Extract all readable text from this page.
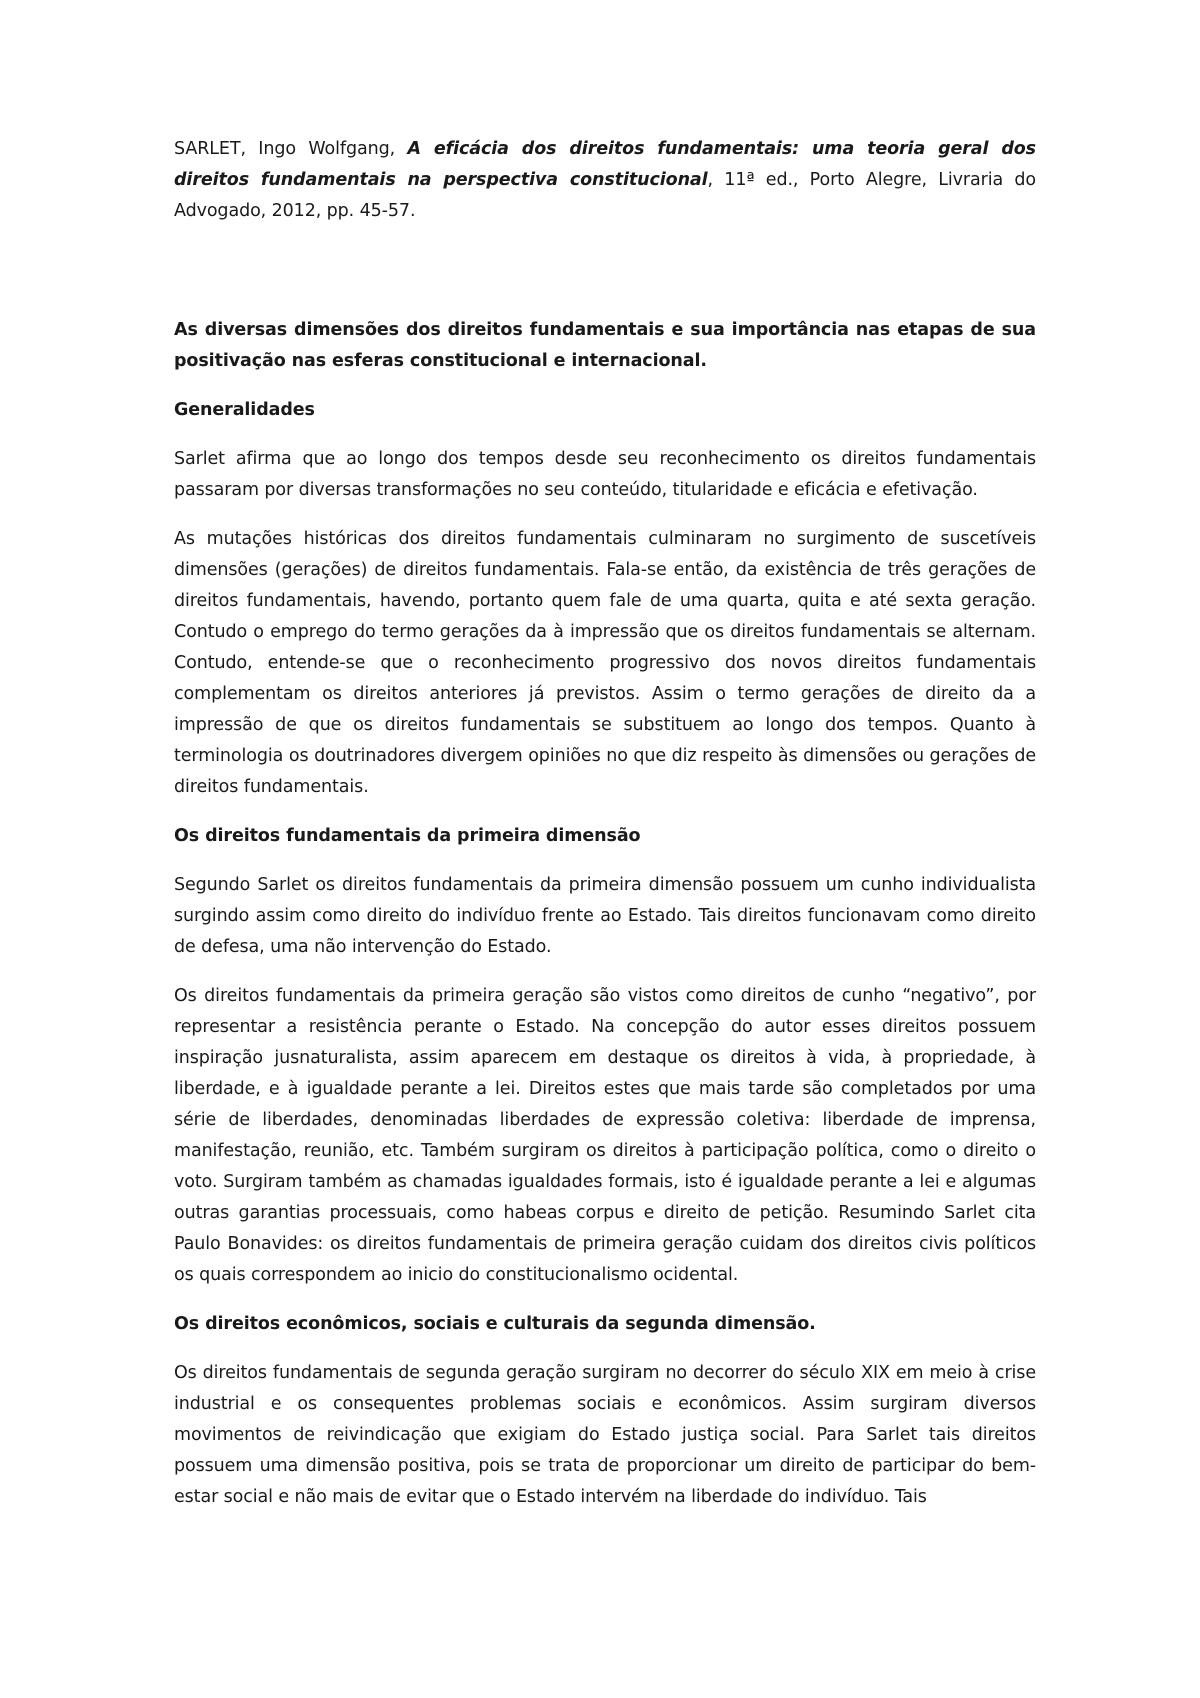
SARLET, Ingo Wolfgang, A eficácia dos direitos fundamentais: uma teoria geral dos direitos fundamentais na perspectiva constitucional, 11ª ed., Porto Alegre, Livraria do Advogado, 2012, pp. 45-57.

As diversas dimensões dos direitos fundamentais e sua importância nas etapas de sua positivação nas esferas constitucional e internacional.

Generalidades

Sarlet afirma que ao longo dos tempos desde seu reconhecimento os direitos fundamentais passaram por diversas transformações no seu conteúdo, titularidade e eficácia e efetivação.

As mutações históricas dos direitos fundamentais culminaram no surgimento de suscetíveis dimensões (gerações) de direitos fundamentais. Fala-se então, da existência de três gerações de direitos fundamentais, havendo, portanto quem fale de uma quarta, quita e até sexta geração. Contudo o emprego do termo gerações da à impressão que os direitos fundamentais se alternam. Contudo, entende-se que o reconhecimento progressivo dos novos direitos fundamentais complementam os direitos anteriores já previstos. Assim o termo gerações de direito da a impressão de que os direitos fundamentais se substituem ao longo dos tempos. Quanto à terminologia os doutrinadores divergem opiniões no que diz respeito às dimensões ou gerações de direitos fundamentais.

Os direitos fundamentais da primeira dimensão

Segundo Sarlet os direitos fundamentais da primeira dimensão possuem um cunho individualista surgindo assim como direito do indivíduo frente ao Estado. Tais direitos funcionavam como direito de defesa, uma não intervenção do Estado.

Os direitos fundamentais da primeira geração são vistos como direitos de cunho “negativo”, por representar a resistência perante o Estado. Na concepção do autor esses direitos possuem inspiração jusnaturalista, assim aparecem em destaque os direitos à vida, à propriedade, à liberdade, e à igualdade perante a lei. Direitos estes que mais tarde são completados por uma série de liberdades, denominadas liberdades de expressão coletiva: liberdade de imprensa, manifestação, reunião, etc. Também surgiram os direitos à participação política, como o direito o voto. Surgiram também as chamadas igualdades formais, isto é igualdade perante a lei e algumas outras garantias processuais, como habeas corpus e direito de petição. Resumindo Sarlet cita Paulo Bonavides: os direitos fundamentais de primeira geração cuidam dos direitos civis políticos os quais correspondem ao inicio do constitucionalismo ocidental.

Os direitos econômicos, sociais e culturais da segunda dimensão.

Os direitos fundamentais de segunda geração surgiram no decorrer do século XIX em meio à crise industrial e os consequentes problemas sociais e econômicos. Assim surgiram diversos movimentos de reivindicação que exigiam do Estado justiça social. Para Sarlet tais direitos possuem uma dimensão positiva, pois se trata de proporcionar um direito de participar do bem- estar social e não mais de evitar que o Estado intervém na liberdade do indivíduo. Tais
